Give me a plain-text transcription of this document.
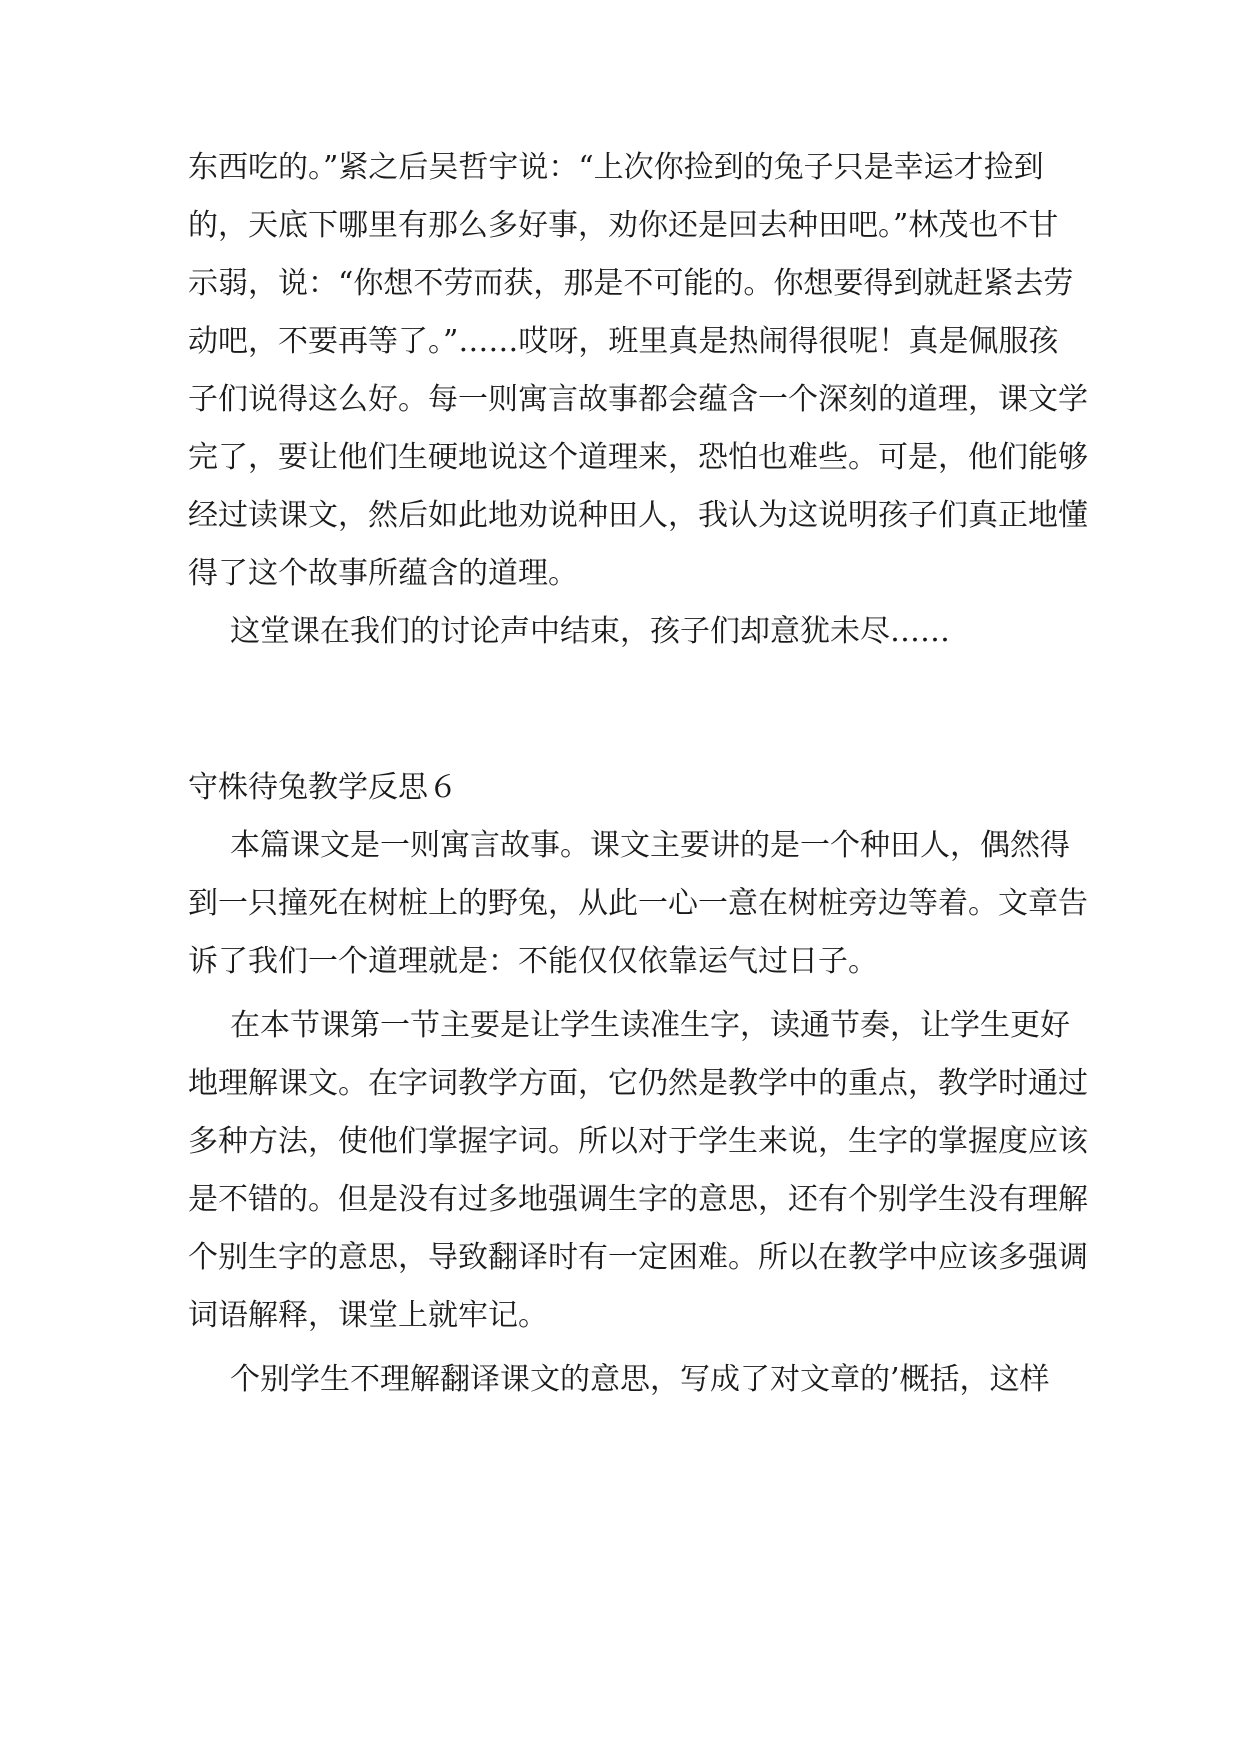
东西吃的。”紧之后吴哲宇说：“上次你捡到的兔子只是幸运才捡到
的，天底下哪里有那么多好事，劝你还是回去种田吧。”林茂也不甘
示弱，说：“你想不劳而获，那是不可能的。你想要得到就赶紧去劳
动吧，不要再等了。”……哎呀，班里真是热闹得很呢！真是佩服孩
子们说得这么好。每一则寓言故事都会蕴含一个深刻的道理，课文学
完了，要让他们生硬地说这个道理来，恐怕也难些。可是，他们能够
经过读课文，然后如此地劝说种田人，我认为这说明孩子们真正地懂
得了这个故事所蕴含的道理。
这堂课在我们的讨论声中结束，孩子们却意犹未尽……
守株待兔教学反思６
本篇课文是一则寓言故事。课文主要讲的是一个种田人，偶然得
到一只撞死在树桩上的野兔，从此一心一意在树桩旁边等着。文章告
诉了我们一个道理就是：不能仅仅依靠运气过日子。
在本节课第一节主要是让学生读准生字，读通节奏，让学生更好
地理解课文。在字词教学方面，它仍然是教学中的重点，教学时通过
多种方法，使他们掌握字词。所以对于学生来说，生字的掌握度应该
是不错的。但是没有过多地强调生字的意思，还有个别学生没有理解
个别生字的意思，导致翻译时有一定困难。所以在教学中应该多强调
词语解释，课堂上就牢记。
个别学生不理解翻译课文的意思，写成了对文章的’概括，这样
